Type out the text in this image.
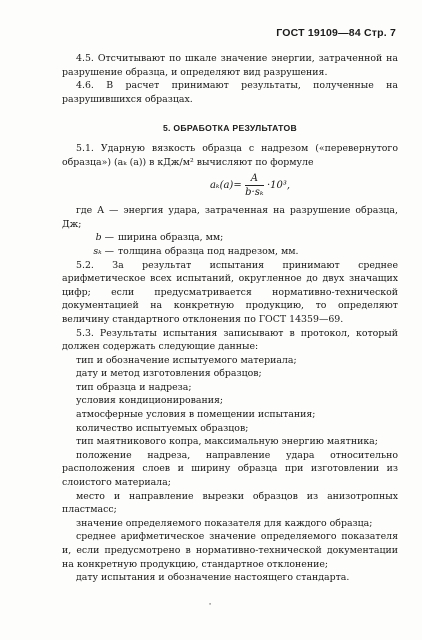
ГОСТ 19109—84 Стр. 7

4.5. Отсчитывают по шкале значение энергии, затраченной на разрушение образца, и определяют вид разрушения.

4.6. В расчет принимают результаты, полученные на разрушившихся образцах.

5. ОБРАБОТКА РЕЗУЛЬТАТОВ

5.1. Ударную вязкость образца с надрезом («перевернутого образца») (aₖ (a)) в кДж/м² вычисляют по формуле

$a_k(a)= \frac{A}{\text{b·sₖ}} \cdot 10^3$,

где A — энергия удара, затраченная на разрушение образца, Дж;

b — ширина образца, мм;
sₖ — толщина образца под надрезом, мм.

5.2. За результат испытания принимают среднее арифметическое всех испытаний, округленное до двух значащих цифр; если предусматривается нормативно-технической документацией на конкретную продукцию, то определяют величину стандартного отклонения по ГОСТ 14359—69.

5.3. Результаты испытания записывают в протокол, который должен содержать следующие данные:

тип и обозначение испытуемого материала;

дату и метод изготовления образцов;

тип образца и надреза;

условия кондиционирования;

атмосферные условия в помещении испытания;

количество испытуемых образцов;

тип маятникового копра, максимальную энергию маятника;

положение надреза, направление удара относительно расположения слоев и ширину образца при изготовлении из слоистого материала;

место и направление вырезки образцов из анизотропных пластмасс;

значение определяемого показателя для каждого образца;

среднее арифметическое значение определяемого показателя и, если предусмотрено в нормативно-технической документации на конкретную продукцию, стандартное отклонение;

дату испытания и обозначение настоящего стандарта.

·
